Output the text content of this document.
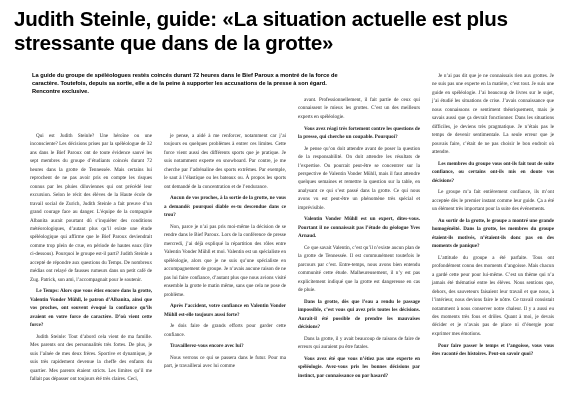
Judith Steinle, guide: «La situation actuelle est plus stressante que dans de la grotte»

La guide du groupe de spéléologues restés coincés durant 72 heures dans le Bief Paroux a montré de la force de caractère. Toutefois, depuis sa sortie, elle a de la peine à supporter les accusations de la presse à son égard. Rencontre exclusive.

Qui est Judith Steinle? Une héroïne ou une inconsciente? Les décisions prises par la spéléologue de 32 ans dans le Bief Paroux ont de toute évidence sauvé les sept membres du groupe d’étudiants coincés durant 72 heures dans la grotte de Tennessée. Mais certains lui reprochent de ne pas avoir pris en compte les risques connus par les pluies diluviennes qui ont précédé leur excursion. Selon le récit des élèves de la Haute école de travail social de Zurich, Judith Steinle a fait preuve d’un grand courage face au danger. L’équipe de la compagnie Albanita aurait pourtant dû s’inquiéter des conditions météorologiques, d’autant plus qu’il existe une étude spéléologique qui affirme que le Bief Paroux deviendrait comme trop plein de crue, en période de hautes eaux (lire ci-dessous). Pourquoi le groupe est-il parti? Judith Steinle a accepté de répondre aux questions du Temps. De nombreux médias ont relayé de fausses rumeurs dans un petit café de Zug. Patrick, son ami, l’accompagnait pour le soutenir.

Le Temps: Alors que vous étiez encore dans la grotte, Valentin Vonder Mühll, le patron d’Albanita, ainsi que vos proches, ont souvent évoqué la confiance qu’ils avaient en votre force de caractère. D’où vient cette force?

Judith Steinle: Tout d’abord cela vient de ma famille. Mes parents ont des personnalités très fortes. De plus, je suis l’aînée de mes deux frères. Sportive et dynamique, je suis très rapidement devenue la cheffe des enfants du quartier. Mes parents étaient stricts. Les limites qu’il me fallait pas dépasser ont toujours été très claires. Ceci,

je pense, a aidé à me renforcer, notamment car j’ai toujours eu quelques problèmes à entrer ces limites. Cette force vient aussi des différents sports que je pratique. Je suis notamment experte en snowboard. Par contre, je me cherche par l’adrénaline des sports extrêmes. Par exemple, le saut à l’élastique ou les bateaux ou. À propos les sports ont demandé de la concentration et de l’endurance.

Aucun de vos proches, à la sortie de la grotte, ne vous a demandé: pourquoi diable es-tu descendue dans ce trou?

Non, parce je n’ai pas pris moi-même la décision de se rendre dans le Bief Paroux. Lors de la conférence de presse mercredi, j’ai déjà expliqué la répartition des rôles entre Valentin Vonder Mühll et moi. Valentin est un spécialiste en spéléologie, alors que je ne suis qu’une spécialiste en accompagnement de groupe. Je n’avais aucune raison de ne pas lui faire confiance, d’autant plus que nous avions visité ensemble la grotte le matin même, sans que cela ne pose de problème.

Après l’accident, votre confiance en Valentin Vonder Mühll est-elle toujours aussi forte?

Je dois faire de grands efforts pour garder cette confiance.

Travaillerez-vous encore avec lui?

Nous verrons ce qui se passera dans le futur. Pour ma part, je travaillerai avec lui comme

avant. Professionnellement, il fait partie de ceux qui connaissent le mieux les grottes. C’est un des meilleurs experts en spéléologie.

Vous avez réagi très fortement contre les questions de la presse, qui cherche un coupable. Pourquoi?

Je pense qu’on doit attendre avant de poser la question de la responsabilité. On doit attendre les résultats de l’expertise. Ou pourrait peut-être se concentrer sur la perspective de Valentin Vonder Mühll, mais il faut attendre quelques semaines et remettre la question sur la table, en analysant ce qui s’est passé dans la grotte. Ce qui nous avons vu est peut-être un phénomène très spécial et imprévisible.

Valentin Vonder Mühll est un expert, dites-vous. Pourtant il ne connaissait pas l’étude du géologue Yves Arnaud.

Ce que savait Valentin, c’est qu’il n’existe aucun plan de la grotte de Tennessée. Il est communément toutefois le parcours par c’est. Entre-temps, nous avons bien entendu communité cette étude. Malheureusement, il n’y est pas explicitement indiqué que la grotte est dangereuse en cas de pluie.

Dans la grotte, dès que l’eau a rendu le passage impossible, c’est vous qui avez pris toutes les décisions. Aurait-il été possible de prendre les mauvaises décisions?

Dans la grotte, il y avait beaucoup de raisons de faire de erreurs qui auraient pu être fatales.

Vous avez été que vous n’étiez pas une experte en spéléologie. Avez-vous pris les bonnes décisions par instinct, par connaissance ou par hasard?

Je n’ai pas dit que je ne connaissais rien aux grottes. Je ne suis pas une experte en la matière, c’est tout. Je suis une guide en spéléologie. J’ai beaucoup de livres sur le sujet, j’ai étudié les situations de crise. J’avais connaissance que nous connaissons ce sentiment théoriquement, mais je savais aussi que ça devrait fonctionner. Dans les situations difficiles, je deviens très pragmatique. Je n’étais pas le temps de devenir sentimentale. La seule erreur que je pouvais faire, c’était de ne pas choisir le bon endroit où attendre.

Les membres du groupe vous ont-ils fait tout de suite confiance, ou certains ont-ils mis en doute vos décisions?

Le groupe m’a fait entièrement confiance, ils m’ont acceptée dès le premier instant comme leur guide. Ça a été un élément très important pour la suite des événements.

Au sortir de la grotte, le groupe a montré une grande homogénéité. Dans la grotte, les membres du groupe étaient-ils motivés, n’étaient-ils donc pas en des moments de panique?

L’attitude du groupe a été parfaite. Tous ont profondément connu des moments d’angoisse. Mais chacun a gardé cette peur pour lui-même. C’est un thème qui n’a jamais été thématisé entre les élèves. Nous sentions que, dehors, des sauveteurs faisaient leur travail et que nous, à l’intérieur, nous devions faire le nôtre. Ce travail consistait notamment à nous conserver notre chaleur. Il y a aussi eu des moments très fous et drôles. Quant à moi, je devais décider et je n’avais pas de place ni d’énergie pour exprimer mes émotions.

Pour faire passer le temps et l’angoisse, vous vous êtes raconté des histoires. Peut-on savoir quoi?
